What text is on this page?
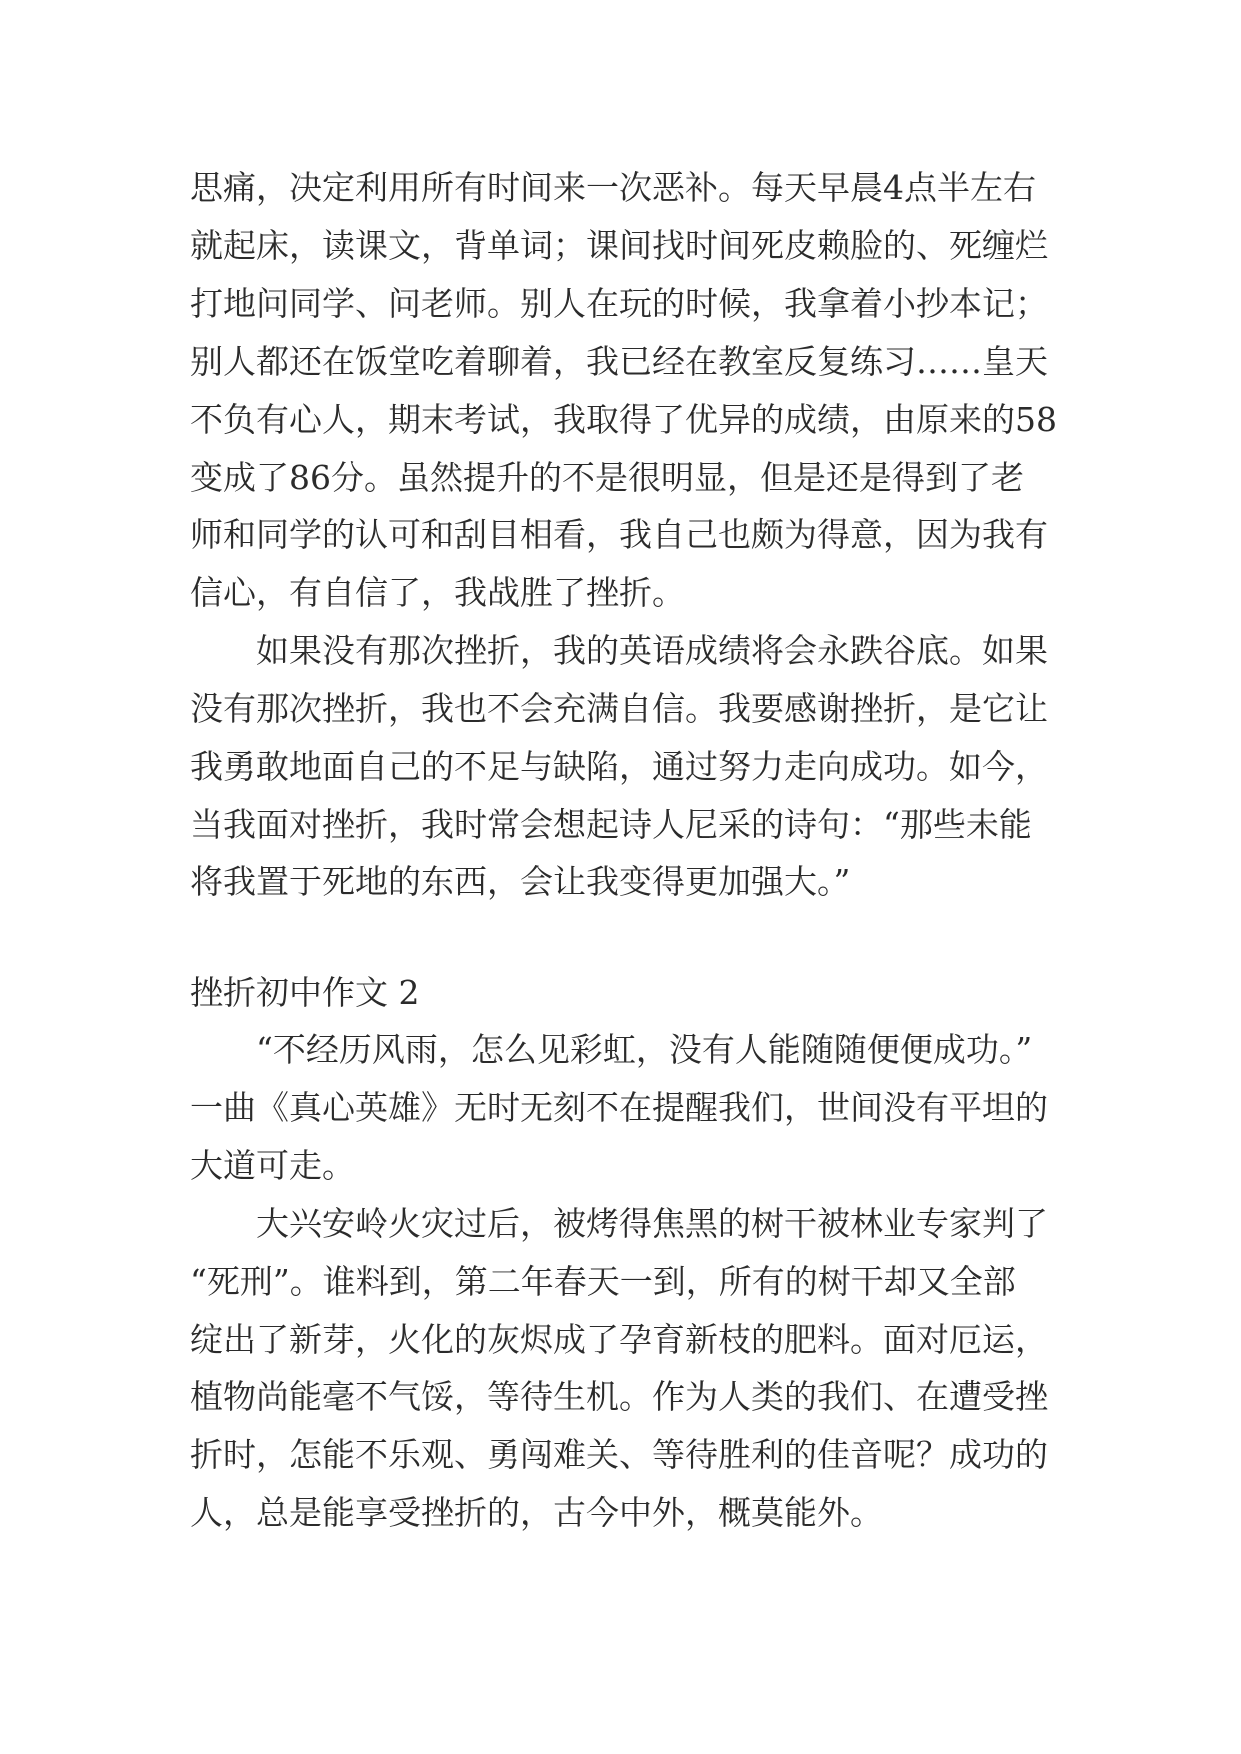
思痛，决定利用所有时间来一次恶补。每天早晨4点半左右
就起床，读课文，背单词；课间找时间死皮赖脸的、死缠烂
打地问同学、问老师。别人在玩的时候，我拿着小抄本记；
别人都还在饭堂吃着聊着，我已经在教室反复练习……皇天
不负有心人，期末考试，我取得了优异的成绩，由原来的58
变成了86分。虽然提升的不是很明显，但是还是得到了老
师和同学的认可和刮目相看，我自己也颇为得意，因为我有
信心，有自信了，我战胜了挫折。
　　如果没有那次挫折，我的英语成绩将会永跌谷底。如果
没有那次挫折，我也不会充满自信。我要感谢挫折，是它让
我勇敢地面自己的不足与缺陷，通过努力走向成功。如今，
当我面对挫折，我时常会想起诗人尼采的诗句：“那些未能
将我置于死地的东西，会让我变得更加强大。”
挫折初中作文 2
　　“不经历风雨，怎么见彩虹，没有人能随随便便成功。”
一曲《真心英雄》无时无刻不在提醒我们，世间没有平坦的
大道可走。
　　大兴安岭火灾过后，被烤得焦黑的树干被林业专家判了
“死刑”。谁料到，第二年春天一到，所有的树干却又全部
绽出了新芽，火化的灰烬成了孕育新枝的肥料。面对厄运，
植物尚能毫不气馁，等待生机。作为人类的我们、在遭受挫
折时，怎能不乐观、勇闯难关、等待胜利的佳音呢？成功的
人，总是能享受挫折的，古今中外，概莫能外。
